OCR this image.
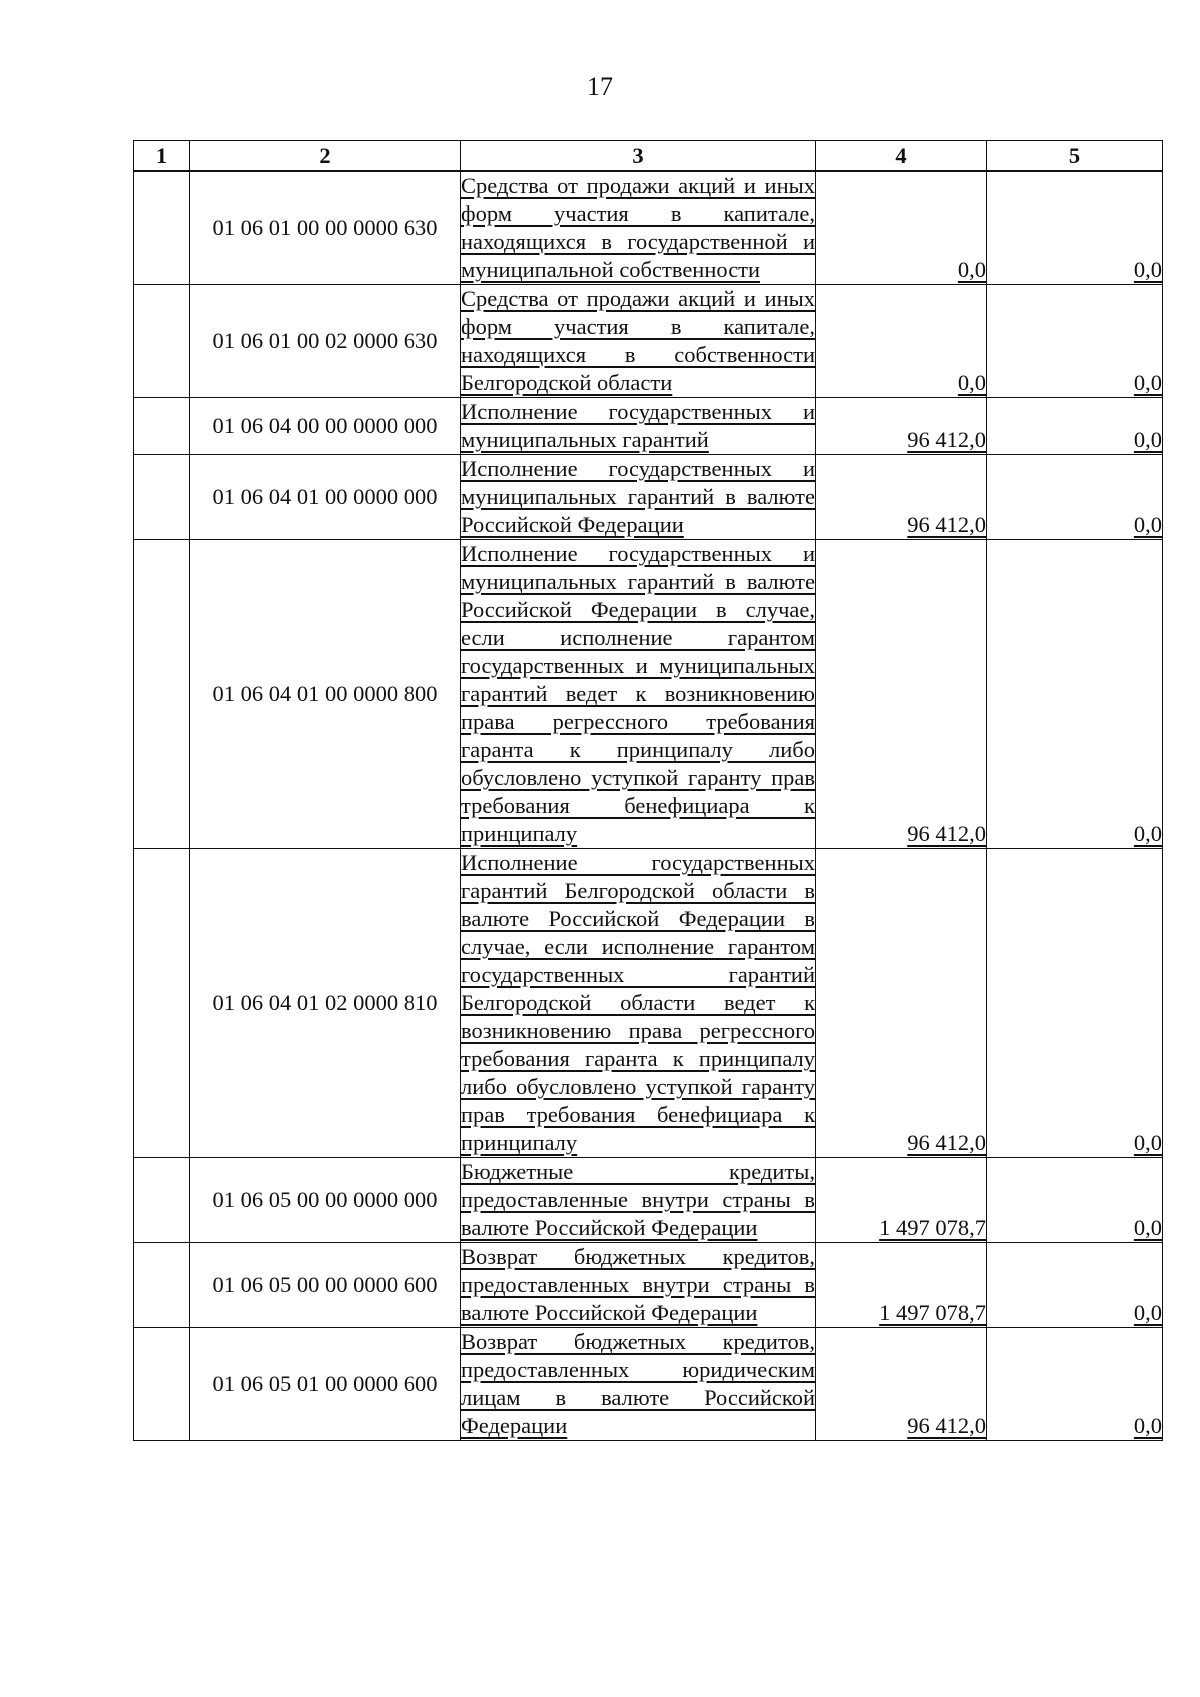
17
1	2	3	4	5
	01 06 01 00 00 0000 630	Средства от продажи акций и иных форм участия в капитале, находящихся в государственной и муниципальной собственности	0,0	0,0
	01 06 01 00 02 0000 630	Средства от продажи акций и иных форм участия в капитале, находящихся в собственности Белгородской области	0,0	0,0
	01 06 04 00 00 0000 000	Исполнение государственных и муниципальных гарантий	96 412,0	0,0
	01 06 04 01 00 0000 000	Исполнение государственных и муниципальных гарантий в валюте Российской Федерации	96 412,0	0,0
	01 06 04 01 00 0000 800	Исполнение государственных и муниципальных гарантий в валюте Российской Федерации в случае, если исполнение гарантом государственных и муниципальных гарантий ведет к возникновению права регрессного требования гаранта к принципалу либо обусловлено уступкой гаранту прав требования бенефициара к принципалу	96 412,0	0,0
	01 06 04 01 02 0000 810	Исполнение государственных гарантий Белгородской области в валюте Российской Федерации в случае, если исполнение гарантом государственных гарантий Белгородской области ведет к возникновению права регрессного требования гаранта к принципалу либо обусловлено уступкой гаранту прав требования бенефициара к принципалу	96 412,0	0,0
	01 06 05 00 00 0000 000	Бюджетные кредиты, предоставленные внутри страны в валюте Российской Федерации	1 497 078,7	0,0
	01 06 05 00 00 0000 600	Возврат бюджетных кредитов, предоставленных внутри страны в валюте Российской Федерации	1 497 078,7	0,0
	01 06 05 01 00 0000 600	Возврат бюджетных кредитов, предоставленных юридическим лицам в валюте Российской Федерации	96 412,0	0,0
